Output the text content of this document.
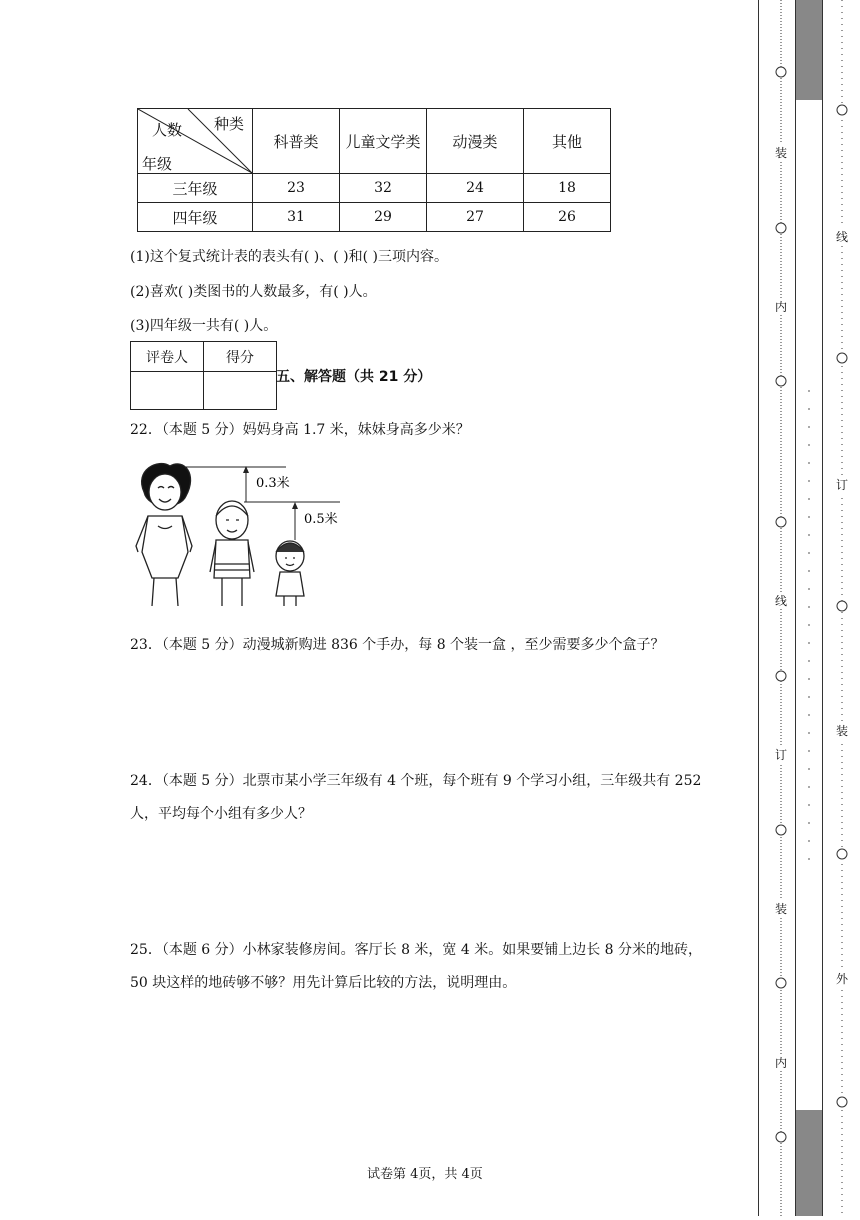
种类
人数
年级	科普类	儿童文学类	动漫类	其他
三年级	23	32	24	18
四年级	31	29	27	26
(1)这个复式统计表的表头有( )、( )和( )三项内容。
(2)喜欢( )类图书的人数最多，有( )人。
(3)四年级一共有( )人。
评卷人	得分

五、解答题（共 21 分）
22．（本题 5 分）妈妈身高 1.7 米，妹妹身高多少米？
0.3米
0.5米
23．（本题 5 分）动漫城新购进 836 个手办，每 8 个装一盒 ，至少需要多少个盒子？
24．（本题 5 分）北票市某小学三年级有 4 个班，每个班有 9 个学习小组，三年级共有 252
人，平均每个小组有多少人？
25．（本题 6 分）小林家装修房间。客厅长 8 米，宽 4 米。如果要铺上边长 8 分米的地砖，
50 块这样的地砖够不够？用先计算后比较的方法，说明理由。
试卷第 4页，共 4页
装
内
线
订
装
内
线
订
装
外
